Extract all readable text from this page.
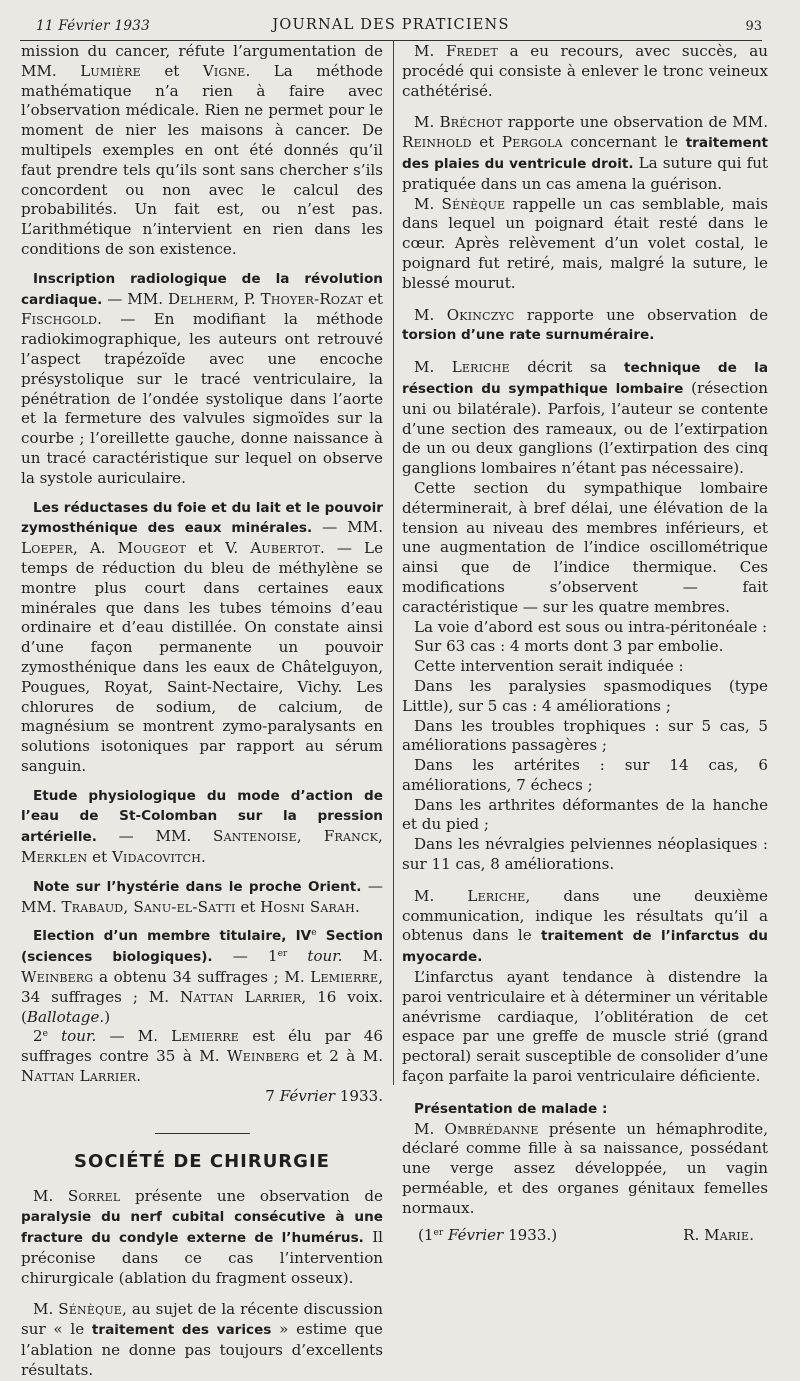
11 Février 1933	JOURNAL DES PRATICIENS	93

mission du cancer, réfute l’argumentation de MM. Lumière et Vigne. La méthode mathématique n’a rien à faire avec l’observation médicale. Rien ne permet pour le moment de nier les maisons à cancer. De multipels exemples en ont été donnés qu’il faut prendre tels qu’ils sont sans chercher s’ils concordent ou non avec le calcul des probabilités. Un fait est, ou n’est pas. L’arithmétique n’intervient en rien dans les conditions de son existence.

Inscription radiologique de la révolution cardiaque. — MM. Delherm, P. Thoyer-Rozat et Fischgold. — En modifiant la méthode radiokimographique, les auteurs ont retrouvé l’aspect trapézoïde avec une encoche présystolique sur le tracé ventriculaire, la pénétration de l’ondée systolique dans l’aorte et la fermeture des valvules sigmoïdes sur la courbe ; l’oreillette gauche, donne naissance à un tracé caractéristique sur lequel on observe la systole auriculaire.

Les réductases du foie et du lait et le pouvoir zymosthénique des eaux minérales. — MM. Loeper, A. Mougeot et V. Aubertot. — Le temps de réduction du bleu de méthylène se montre plus court dans certaines eaux minérales que dans les tubes témoins d’eau ordinaire et d’eau distillée. On constate ainsi d’une façon permanente un pouvoir zymosthénique dans les eaux de Châtelguyon, Pougues, Royat, Saint-Nectaire, Vichy. Les chlorures de sodium, de calcium, de magnésium se montrent zymo-paralysants en solutions isotoniques par rapport au sérum sanguin.

Etude physiologique du mode d’action de l’eau de St-Colomban sur la pression artérielle. — MM. Santenoise, Franck, Merklen et Vidacovitch.

Note sur l’hystérie dans le proche Orient. — MM. Trabaud, Sanu-el-Satti et Hosni Sarah.

Election d’un membre titulaire, IVe Section (sciences biologiques). — 1er tour. M. Weinberg a obtenu 34 suffrages ; M. Lemierre, 34 suffrages ; M. Nattan Larrier, 16 voix. (Ballotage.)

2e tour. — M. Lemierre est élu par 46 suffrages contre 35 à M. Weinberg et 2 à M. Nattan Larrier.

7 Février 1933.

SOCIÉTÉ DE CHIRURGIE

M. Sorrel présente une observation de paralysie du nerf cubital consécutive à une fracture du condyle externe de l’humérus. Il préconise dans ce cas l’intervention chirurgicale (ablation du fragment osseux).

M. Sénèque, au sujet de la récente discussion sur « le traitement des varices » estime que l’ablation ne donne pas toujours d’excellents résultats.

M. Fredet a eu recours, avec succès, au procédé qui consiste à enlever le tronc veineux cathétérisé.

M. Bréchot rapporte une observation de MM. Reinhold et Pergola concernant le traitement des plaies du ventricule droit. La suture qui fut pratiquée dans un cas amena la guérison.

M. Sénèque rappelle un cas semblable, mais dans lequel un poignard était resté dans le cœur. Après relèvement d’un volet costal, le poignard fut retiré, mais, malgré la suture, le blessé mourut.

M. Okinczyc rapporte une observation de torsion d’une rate surnuméraire.

M. Leriche décrit sa technique de la résection du sympathique lombaire (résection uni ou bilatérale). Parfois, l’auteur se contente d’une section des rameaux, ou de l’extirpation de un ou deux ganglions (l’extirpation des cinq ganglions lombaires n’étant pas nécessaire).

Cette section du sympathique lombaire déterminerait, à bref délai, une élévation de la tension au niveau des membres inférieurs, et une augmentation de l’indice oscillométrique ainsi que de l’indice thermique. Ces modifications s’observent — fait caractéristique — sur les quatre membres.

La voie d’abord est sous ou intra-péritonéale :

Sur 63 cas : 4 morts dont 3 par embolie.

Cette intervention serait indiquée :

Dans les paralysies spasmodiques (type Little), sur 5 cas : 4 améliorations ;

Dans les troubles trophiques : sur 5 cas, 5 améliorations passagères ;

Dans les artérites : sur 14 cas, 6 améliorations, 7 échecs ;

Dans les arthrites déformantes de la hanche et du pied ;

Dans les névralgies pelviennes néoplasiques : sur 11 cas, 8 améliorations.

M. Leriche, dans une deuxième communication, indique les résultats qu’il a obtenus dans le traitement de l’infarctus du myocarde.

L’infarctus ayant tendance à distendre la paroi ventriculaire et à déterminer un véritable anévrisme cardiaque, l’oblitération de cet espace par une greffe de muscle strié (grand pectoral) serait susceptible de consolider d’une façon parfaite la paroi ventriculaire déficiente.

Présentation de malade :

M. Ombrédanne présente un hémaphrodite, déclaré comme fille à sa naissance, possédant une verge assez développée, un vagin perméable, et des organes génitaux femelles normaux.

(1er Février 1933.)	R. Marie.
